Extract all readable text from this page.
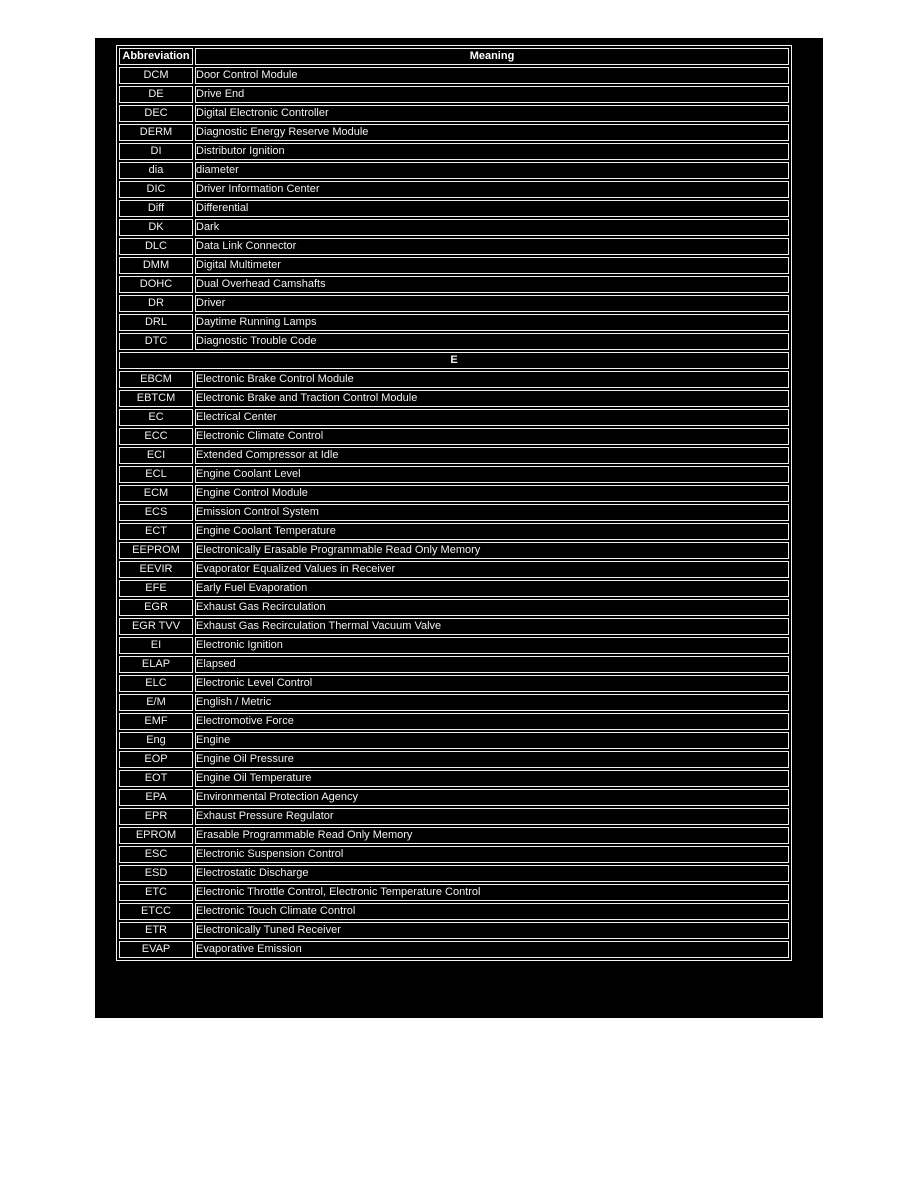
Abbreviation	Meaning
DCM	Door Control Module
DE	Drive End
DEC	Digital Electronic Controller
DERM	Diagnostic Energy Reserve Module
DI	Distributor Ignition
dia	diameter
DIC	Driver Information Center
Diff	Differential
DK	Dark
DLC	Data Link Connector
DMM	Digital Multimeter
DOHC	Dual Overhead Camshafts
DR	Driver
DRL	Daytime Running Lamps
DTC	Diagnostic Trouble Code
E	
EBCM	Electronic Brake Control Module
EBTCM	Electronic Brake and Traction Control Module
EC	Electrical Center
ECC	Electronic Climate Control
ECI	Extended Compressor at Idle
ECL	Engine Coolant Level
ECM	Engine Control Module
ECS	Emission Control System
ECT	Engine Coolant Temperature
EEPROM	Electronically Erasable Programmable Read Only Memory
EEVIR	Evaporator Equalized Values in Receiver
EFE	Early Fuel Evaporation
EGR	Exhaust Gas Recirculation
EGR TVV	Exhaust Gas Recirculation Thermal Vacuum Valve
EI	Electronic Ignition
ELAP	Elapsed
ELC	Electronic Level Control
E/M	English / Metric
EMF	Electromotive Force
Eng	Engine
EOP	Engine Oil Pressure
EOT	Engine Oil Temperature
EPA	Environmental Protection Agency
EPR	Exhaust Pressure Regulator
EPROM	Erasable Programmable Read Only Memory
ESC	Electronic Suspension Control
ESD	Electrostatic Discharge
ETC	Electronic Throttle Control, Electronic Temperature Control
ETCC	Electronic Touch Climate Control
ETR	Electronically Tuned Receiver
EVAP	Evaporative Emission
